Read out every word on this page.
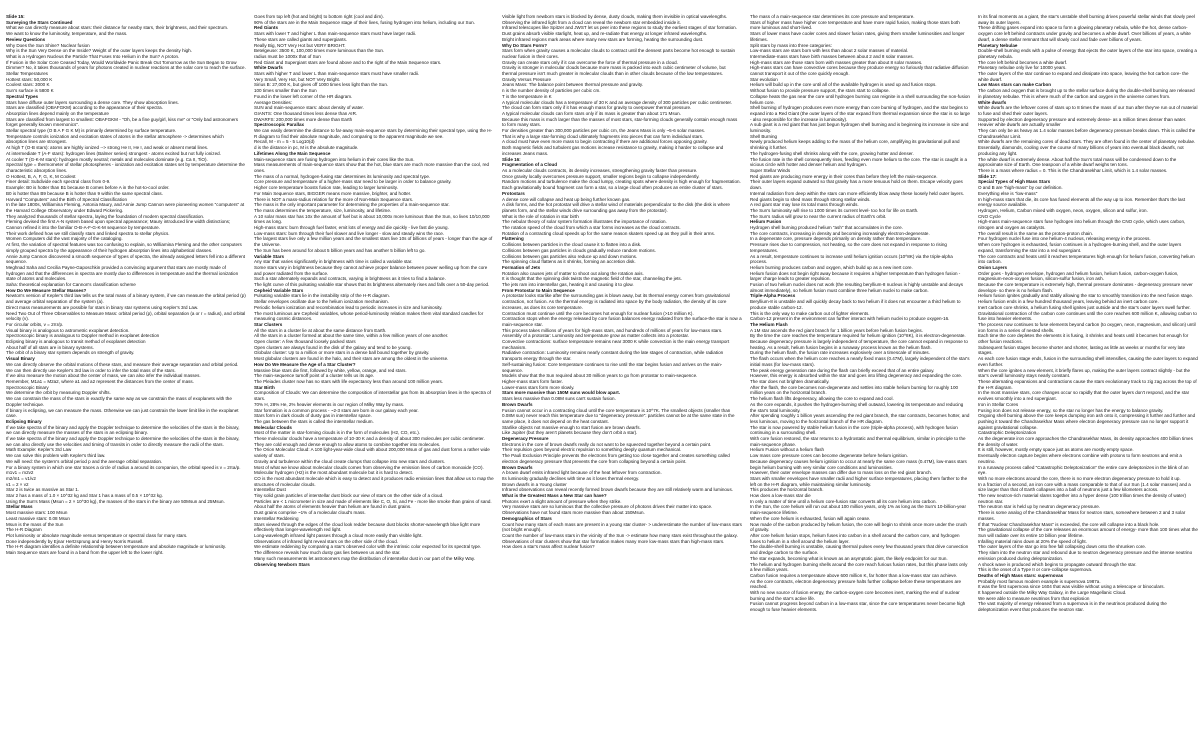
Slide 15:

Surveying the Stars Continued

What we can directly measure about stars: their distance for nearby stars, their brightness, and their spectrum.

We want to know the luminosity, temperature, and the mass.

Review Questions

Why Does the Sun Shine? Nuclear fusion

Why is the Sun Very Dense on the Inside? Weight of the outer layers keeps the density high.

What is a Hydrogen Nucleus the Particle That Fuses Into Helium in the Sun? A proton.

If Fusion in the Solar Core Ceased Today, Would Worldwide Panic Break Out Tomorrow as the Sun Began to Grow Dimmer? No, it takes thousands of years for photons created in nuclear reactions at the solar core to reach the surface.

Stellar Temperatures

Hottest stars: 50,000 K

Coolest stars: 3000 K

Sun's surface is 5800 K

Spectral Types

Stars have diffuse outer layers surrounding a dense core. They show absorption lines.

Stars are classified (OBAFGKM) according to the appearance of their spectra.

Absorption lines depend mainly on the temperature

Stars are classified from largest to smallest: OBAFGKM - "Oh, be a fine guy/girl, kiss me" or "Only bad astronomers forget generally known mnemonics".

Stellar spectral type (O B A F G K M) is primarily determined by surface temperature.

Temperature controls ionization and excitation states of atoms in the stellar atmosphere -> determines which absorption lines are strongest.

At high T (O-B stars): atoms are highly ionized --> strong He II, He I, and weak or absent metal lines.

At intermediate T (A-F stars): hydrogen lines (Balmer series) strongest - atoms excited but not fully ionized.

At cooler T (G-K-M stars): hydrogen mostly neutral; metals and molecules dominate (e.g. Ca II, TiO).

Spectral type = thermometer of stellar photospheres - ionization and excitation states set by temperature determine the characteristic absorption lines.

O Hottest, B, A, F, G, K, M Coolest

Finer detail: Subdivide each spectral class from 0-9.

Example: B0 is hotter than B1 because B comes before A in the hot-to-cool order.

B0 is hotter than B9 because B is hotter than 9 within the same spectral class.

Harvard "Computers" and the Birth of Spectral Classification

In the late 1800s, Williamina Fleming, Antonia Maury, and Annie Jump Cannon were pioneering women "computers" at the Harvard College Observatory under Edward Pickering.

They analyzed thousands of stellar spectra, laying the foundation of modern spectral classification.

Fleming devised the first A-N system based upon spectral appearance; Maury introduced line width distinctions; Cannon refined it into the familiar O-B-A-F-G-K-M sequence by temperature.

Their work defined how we still classify stars and linked spectra to stellar physics.

Women Computers did the vast majority of the cataloging.

At first, the variation of spectral features was too confusing to explain, so Williamina Fleming and the other computers simply grouped spectra by the appearance of their hydrogen absorption lines into alphabetical classes.

Annie Jump Cannon discovered a smooth sequence of types of spectra, the already assigned letters fell into a different sequence.

Meghnad Saha and Cecilia Payne-Gaposchkin provided a convincing argument that stars are mostly made of hydrogen and that the differences in spectra are mostly due to differences in temperature and the thermal ionization state of atoms and molecules.

Saha: theoretical explanation for Cannon's classification scheme

How Do We Measure Stellar Masses?

Newton's version of Kepler's third law tells us the total mass of a binary system, if we can measure the orbital period (p) and average orbital separation of the system (a).

Direct mass measurements are possible for stars in binary star systems using Kepler's 3rd Law.

Need Two Out of Three Observables to Measure Mass: orbital period (p), orbital separation (a or r = radius), and orbital velocity (v).

For circular orbits, v = 2πr/p.

Visual binary is analogous to astrometric exoplanet detection.

Spectroscopic binary is analogous to Doppler method in exoplanet detection

Eclipsing binary is analogous to transit method of exoplanet detection

About half of all stars are in binary systems.

The orbit of a binary star system depends on strength of gravity.

Visual Binary

We can directly observe the orbital motions of these stars, and measure their average separation and orbital period.

We can then directly use Kepler's 3rd law in order to infer the total mass of the stars.

If we also measure the motion about the center of mass, we can also infer the individual masses.

Remember, M1a1 = M2a2, where a1 and a2 represent the distances from the center of mass.

Spectroscopic Binary

We determine the orbit by measuring Doppler shifts.

We can constrain the mass of the stars in exactly the same way as we constrain the mass of exoplanets with the Doppler technique.

If binary is eclipsing, we can measure the mass. Otherwise we can just constrain the lower limit like in the exoplanet case.

Eclipsing Binary

If we take spectra of the binary and apply the Doppler technique to determine the velocities of the stars in the binary, we can directly measure the masses of the stars in an eclipsing binary.

If we take spectra of the binary and apply the Doppler technique to determine the velocities of the stars in the binary, we can also directly use the velocities and timing of transits in order to directly measure the radii of the stars.

Math Example: Kepler's 3rd Law

We can solve this problem with Kepler's third law.

We will need: the system's orbital period p and the average orbital separation.

For a binary system in which one star traces a circle of radius a around its companion, the orbital speed is v = 2πa/p.

m1v1 = m2v2

m2/m1 = v1/v2

v1 = 2 × v2

Star 2 is twice as massive as Star 1.

Star 2 has a mass of 1.0 × 10^32 kg and Star 1 has a mass of 0.5 × 10^32 kg.

Using the Sun's Mass (Msun = 2 × 10^30 kg), the masses of the stars in the binary are 50Msun and 25Msun.

Stellar Mass

Most massive stars: 100 Msun

Least massive stars: 0.08 Msun

Msun is the mass of the Sun

The H-R Diagram

Plot luminosity or absolute magnitude versus temperature or spectral class for many stars.

Done independently by Ejnar Hertzsprung and Henry Norris Russell.

The H-R diagram identifies a definite relationship between temperature and absolute magnitude or luminosity.

Main Sequence stars are found in a band from the upper left to the lower right.

Goes from top left (hot and bright) to bottom right (cool and dim).

90% of the stars are in the Main Sequence stage of their lives, fusing hydrogen into helium, including our Sun.

Red Giants

Stars with lower T and higher L than main-sequence stars must have larger radii.

These stars are called giants and supergiants.

Really Big, NOT Very Hot but VERY BRIGHT.

Betelgeuse: 3500 K, 100,000 times more luminous than the Sun.

radius must be 1000x that of Sun

Red Giant and Supergiant stars are found above and to the right of the Main Sequence stars.

White Dwarfs

Stars with higher T and lower L than main-sequence stars must have smaller radii.

Very Small, Very Hot, but NOT Very Bright.

Sirius B: 27,000 K, but gives off 1000 times less light than the Sun.

100 times smaller than the Sun

Found in the lower left corner of the HR diagram.

Average Densities:

SUN and main-sequence stars: about density of water.

GIANTS: One thousand times less dense than AIR.

DWARFS: 200,000 times more dense than Earth

Spectroscopic Parallax

We can easily determine the distance to far-away main-sequence stars by determining their spectral type, using the H-R diagram to find their absolute magnitude, and comparing to the apparent magnitude we see.

Recall, M - m = 5 - 5 Log10(d)

d is the distance in pc, M is the absolute magnitude.

Lifetimes Along the Main Sequence

Main-sequence stars are fusing hydrogen into helium in their cores like the Sun.

Mass measurements of main-sequence stars show that the hot, blue stars are much more massive than the cool, red ones.

The mass of a normal, hydrogen-fusing star determines its luminosity and spectral type.

Core pressure and temperature of a higher-mass star need to be larger in order to balance gravity.

Higher core temperature boosts fusion rate, leading to larger luminosity.

For Main Sequence stars, BIGGER means more massive, brighter, and hotter.

There is NOT a mass-radius relation for the more of Non-Main Sequence stars.

The mass is the only important parameter for determining the properties of a main-sequence star.

The mass determines the temperature, size, luminosity, and lifetime.

A 10 solar mass star has 10x the amount of fuel but is about 10,000x more luminous than the Sun, so lives 10/10,000 times as long.

High-mass stars: burn through fuel faster, emit lots of energy and die quickly - live fast die young.

Low-mass stars: burn through their fuel slower and live longer - slow and steady wins the race.

The largest stars live only a few million years and the smallest stars live 10s of billions of years - longer than the age of the Universe.

The Sun has been around for about 5 billion years and has another 5 billion left to go.

Variable Stars

Any star that varies significantly in brightness with time is called a variable star.

Some stars vary in brightness because they cannot achieve proper balance between power welling up from the core and power radiated from the surface.

Such a star alternately expands and contracts, varying in brightness as it tries to find a balance.

The light curve of this pulsating variable star shows that its brightness alternately rises and falls over a 50-day period.

Cepheid Variable Stars

Pulsating variable stars lie in the instability strip of the H-R diagram.

Stellar envelopes oscillate due to the helium ionization mechanism.

Periodic helium ionization and recombination lead to periodic increases in size and luminosity.

The most luminous are Cepheid variables, whose period-luminosity relation makes them vital standard candles for measuring cosmic distances.

Star Clusters

All the stars in a cluster lie at about the same distance from Earth.

All the stars in a cluster formed at about the same time, within a few million years of one another.

Open cluster: A few thousand loosely packed stars

Open clusters are always found in the disk of the galaxy and tend to be young.

Globular cluster: Up to a million or more stars in a dense ball bound together by gravity.

Most globular clusters are found in the halo, and their stars are among the oldest in the universe.

How Do We Measure the Age of a Star Cluster?

Massive blue stars die first, followed by white, yellow, orange, and red stars.

The main-sequence turnoff point of a cluster tells us its age.

The Pleiades cluster now has no stars with life expectancy less than around 100 million years.

Star Birth

Composition of Clouds: We can determine the composition of interstellar gas from its absorption lines in the spectra of stars.

70% H, 28% He, 2% heavier elements in our region of Milky Way by mass.

Star formation is a common process - ~2-3 stars are born in our galaxy each year.

Stars form in dark clouds of dusty gas in interstellar space.

The gas between the stars is called the interstellar medium.

Molecular Clouds

Most of the matter in star-forming clouds is in the form of molecules (H2, CO, etc.).

These molecular clouds have a temperature of 10-30 K and a density of about 300 molecules per cubic centimeter.

They are cold enough and dense enough to allow atoms to combine together into molecules.

The Orion Molecular Cloud: A 100 light-year-wide cloud with about 200,000 Msun of gas and dust forms a rather wide variety of stars.

Gravity and turbulence within the cloud create clumps that collapse into new stars and clusters.

Most of what we know about molecular clouds comes from observing the emission lines of carbon monoxide (CO).

Molecular hydrogen (H2) is the most abundant molecule but it is hard to detect.

CO is the most abundant molecule which is easy to detect and it produces radio emission lines that allow us to map the structures of molecular clouds.

Interstellar Dust

Tiny solid grain particles of interstellar dust block our view of stars on the other side of a cloud.

Particles are < 1 micrometer in size and made of elements like C, O, Si, and Fe - more like smoke than grains of sand.

About half the atoms of elements heavier than helium are found in dust grains.

Dust grains comprise ~1% of a molecular cloud's mass.

Interstellar Reddening

Stars viewed through the edges of the cloud look redder because dust blocks shorter-wavelength blue light more effectively than longer-wavelength red light.

Long-wavelength infrared light passes through a cloud more easily than visible light.

Observations of infrared light reveal stars on the other side of the cloud.

We estimate reddening by comparing a star's observed color with the intrinsic color expected for its spectral type.

The difference reveals how much dusty gas lies between us and the star.

Many such measurements let astronomers map the distribution of interstellar dust in our part of the Milky Way.

Observing Newborn Stars

Visible light from newborn stars is blocked by dense, dusty clouds, making them invisible in optical wavelengths.

Observing the infrared light from a cloud can reveal the newborn star embedded inside it.

Infrared telescopes like Spitzer and JWST let us peer into these regions to study the earliest stages of star formation.

Dust grains absorb visible starlight, heat up, and re-radiate that energy at longer infrared wavelengths.

Bright infrared regions mark areas where many new stars are forming, heating the surrounding dust.

Why Do Stars Form?

Stars form when gravity causes a molecular clouds to contract until the densest parts become hot enough to sustain nuclear fusion in their cores.

Gravity can create stars only if it can overcome the force of thermal pressure in a cloud.

Gravity is stronger in molecular clouds because more mass is packed into each cubic centimeter of volume, but thermal pressure isn't much greater in molecular clouds than in other clouds because of the low temperatures.

Gravity Versus Pressure

Jeans Mass: The balance point between thermal pressure and gravity.

n is the number density of particles per cubic cm.

T is the temperature in K

A typical molecular clouds has a temperature of 30 K and an average density of 300 particles per cubic centimeter.

The cloud can form stars only if it has enough mass for gravity to overpower thermal pressure.

A typical molecular clouds can form stars only if its mass is greater than about 171 Msun.

Because this mass is much larger than the masses of most stars, star-forming clouds generally contain enough mass to form many stars.

For densities greater than 300,000 particles per cubic cm, the Jeans Mass is only ~5-6 solar masses.

That is why a large star-forming cloud ultimately fragments into pieces that can form individual stars.

A cloud must have even more mass to begin contracting if there are additional forces opposing gravity.

Both magnetic fields and turbulent gas motions increase resistance to gravity, making it harder to collapse and increases Jeans mass.

Slide 16:

Fragmentation of a Cloud

As a molecular clouds contracts, its density increases, strengthening gravity faster than pressure.

Once gravity locally overcomes pressure support, smaller regions begin to collapse independently.

Random motions and turbulence make the cloud lumpy, creating spots where density is high enough for fragmentation.

Each gravitationally bound fragment can form a star, so a large cloud often produces an entire cluster of stars.

Protostars

A dense core will collapse and heat up being further known gas.

A disk forms, and the hot protostar will drive a stellar wind of materials perpendicular to the disk (the disk is where planets form, and the stellar winds drive surrounding gas away from the protostar).

What is the role of rotation in star birth

The nebular theory of solar system formation illustrates the importance of rotation.

The rotation speed of the cloud from which a star forms increases as the cloud contracts.

Rotation of a contracting cloud speeds up for the same reason skaters speed up as they pull in their arms.

Flattening

Collisions between particles in the cloud cause it to flatten into a disk.

Collisions between gas particles in clouds gradually reduce random motions.

Collisions between gas particles also reduce up and down motions.

The spinning cloud flattens as it shrinks, forming an accretion disk.

Formation of Jets

Rotation also causes jets of matter to shoot out along the rotation axis.

It is thought that the spinning disk twists the magnetic field of the star, channeling the jets.

The jets ram into interstellar gas, heating it and causing it to glow.

From Protostar to Main Sequence

A protostar looks starlike after the surrounding gas is blown away, but its thermal energy comes from gravitational contraction, not fusion. As the thermal energy is radiated into space by the body radiation, the density of its core increases, as does its core temperature.

Contraction must continue until the core becomes hot enough for nuclear fusion (>10 million K).

Contraction stops when the energy released by core fusion balances energy radiated from the surface-the star is now a main-sequence star.

This process takes millions of years for high-mass stars, and hundreds of millions of years for low-mass stars.

Assembly of a protostar: Luminosity and temperature grow as matter collects into a protostar.

Convective contractions: surface temperature remains near 3000 K while convection is the main energy transport mechanism.

Radiative contraction: Luminosity remains nearly constant during the late stages of contraction, while radiation transports energy through the star.

Self-sustaining fusion: Core temperature continues to rise until the star begins fusion and arrives on the main-sequence.

Models show that the Sun required about 30 million years to go from protostar to main-sequence.

Higher-mass stars form faster.

Lower-mass stars form more slowly.

Stars more massive than 150M suns would blow apart.

Stars less massive than 0.08M suns can't sustain fusion.

Brown Dwarfs

Fusion cannot occur in a contracting cloud until the core temperature is 10^7K. The smallest objects (smaller than 0.08M sun) never reach this temperature due to "degeneracy pressure": particles cannot be at the same state in the same place, it does not depend on the heat constant.

Starlike objects not massive enough to start fusion are brown dwarfs.

Like Jupiter (but they aren't planets because they don't orbit a star).

Degeneracy Pressure

Electrons in the core of brown dwarfs really do not want to be squeezed together beyond a certain point.

Their repulsion goes beyond electric repulsion to something deeply quantum mechanical.

The Pauli Exclusion Principle prevents the electrons from getting too close together and creates something called electron degeneracy pressure that prevents the core from collapsing beyond a certain point.

Brown Dwarfs

A brown dwarf emits infrared light because of the heat leftover from contraction.

Its luminosity gradually declines with time as it loses thermal energy.

Brown dwarfs in a Young cluster

Infrared observations can reveal recently formed brown dwarfs because they are still relatively warm and luminous.

What is the Greatest Mass a New Star can have?

Photons exert a slight amount of pressure when they strike.

Very massive stars are so luminous that the collective pressure of photons drives their matter into space.

Observations have not found stars more massive than about 150Msun.

Demographics of Stars

Count how many stars of each mass are present in a young star cluster- > underestimate the number of low-mass stars (not bright enough).

Count the number of low-mass stars in the vicinity of the Sun -> estimate how many stars exist throughout the galaxy.

Observations of star clusters show that star formation makes many more low-mass stars than high-mass stars.

How does a star's mass affect nuclear fusion?

The mass of a main-sequence star determines its core pressure and temperature.

Stars of higher mass have higher core temperature and have more rapid fusion, making those stars both more luminous and short-lived.

Stars of lower mass have cooler cores and slower fusion rates, giving them smaller luminosities and longer lifetimes.

Split stars by mass into three categories:

Low-mass stars are stars born with less than about 2 solar masses of material.

Intermediate-mass stars have birth masses between about 2 and 8 solar masses.

High-mass stars are those stars born with masses greater than about 8 solar masses.

High-mass stars can have convective cores because they produce energy so furiously that radiative diffusion cannot transport it out of the core quickly enough.

Star evolution

Helium will build up in the core until all of the available hydrogen is used up and fusion stops.

Without fusion to provide pressure support, the stars start to collapse.

Collapse heats the gas near the core until hydrogen burning can reignite in a shell surrounding the non-fusion helium core.

Shell burning of hydrogen produces even more energy than core burning of hydrogen, and the star begins to expand into a Red Giant (the outer layers of the star expand from thermal expansion since the star is so large - also responsible for the increase in luminosity).

A sub giant is a red giant that has just begun hydrogen shell burning and is beginning its increase in size and luminosity.

Shell Burning

Newly produced helium keeps adding to the mass of the helium core, amplifying its gravitational pull and shrinking it further.

The hydrogen-fusing shell shrinks along with the core, growing hotter and denser.

The fusion rate in the shell consequently rises, feeding even more helium to the core. The star is caught in a vicious circle with hotter and denser helium and hydrogen.

Super Stellar Winds

Red giants are producing more energy in their cores than before they left the main-sequence.

Their outer layers expand outward so that gravity has a more tenuous hold on them. Escape velocity goes down.

Internal radiation from deep within the stars can more efficiently blow away these loosely held outer layers.

Red giants begin to shed mass through strong stellar winds.

A red giant star may lose its total mass through winds.

The Sun's luminosity will rise to 1000 times its current level- too hot for life on Earth.

The Sun's radius will grow to near the current radius of Earth's orbit.

Helium Fusion

Hydrogen shell burning produced helium "ash" that accumulates in the core.

The core contracts, increasing in density and becoming increasingly electron-degenerate.

In a degenerate core, pressure depends primarily on density rather than temperature.

Pressure rises due to compression, not heating, so the core does not expand in response to rising temperatures.

As a result, temperature continues to increase until helium ignition occurs (10^8K) via the triple-alpha process.

Helium burning produces carbon and oxygen, which build up as a new inert core.

Helium fusion does not begin right away because it requires a higher temperature than hydrogen fusion - larger charge leads to greater repulsion.

Fusion of two helium nuclei does not work (the resulting beryllium-8 nucleus is highly unstable and decays almost immediately), so helium fusion must combine three helium nuclei to make carbon.

Triple-Alpha Process

Beryllium-8 is unstable and will quickly decay back to two helium if it does not encounter a third helium to produce stable carbon-12.

This is the only way to make carbon out of lighter elements.

Carbon-12 present in the environment can further interact with helium nuclei to produce oxygen-16.

The Helium Flash

A 1M star ascends the red giant branch for 1 billion years before helium fusion begins.

By the time the core reaches the temperature required for helium ignition (10^8K), it is electron-degenerate.

Because degeneracy pressure is largely independent of temperature, the core cannot expand in response to heating. As a result, helium fusion begins in a runaway process known as the helium flash.

During the helium flash, the fusion rate increases explosively over a timescale of minutes.

The flash occurs when the helium core reaches a nearly fixed mass (0.47M), largely independent of the star's initial mass (for low-mass stars).

The peak energy generation rate during the flash can briefly exceed that of an entire galaxy.

However, this energy is absorbed within the star and goes into lifting degeneracy and expanding the core.

The star does not brighten dramatically.

After the flash, the core becomes non-degenerate and settles into stable helium burning for roughly 100 million years on the horizontal branch.

The helium flash lifts degeneracy, allowing the core to expand and cool.

As the core expands, it pushes the hydrogen-burning shell outward, lowering its temperature and reducing the star's total luminosity.

After spending roughly 1 billion years ascending the red giant branch, the star contracts, becomes hotter, and less luminous, moving to the horizontal branch of the HR diagram.

The star is now powered by stable helium fusion in the core (triple-alpha process), with hydrogen fusion continuing in a surrounding shell.

With core fusion restored, the star returns to a hydrostatic and thermal equilibrium, similar in principle to the main-sequence phase.

Helium Fusion without a helium flash

Low mass core pressure cores can become degenerate before helium ignition.

Because degeneracy causes helium ignition to occur at nearly the same core mass (0.47M), low-mass stars begin helium burning with very similar core conditions and luminosities.

However, their outer envelope masses can differ due to mass loss on the red giant branch.

Stars with smaller envelopes have smaller radii and higher surface temperatures, placing them farther to the left on the H-R diagram, while maintaining similar luminosity.

This produces the horizontal branch.

How does a low-mass star die

In only a matter of time until a helium core-fusion star converts all its core helium into carbon.

In the Sun, the core helium will run out about 100 million years, only 1% as long as the Sun's 10-billion-year main-sequence lifetime.

When the core helium is exhausted, fusion will again cease.

Now made of the carbon produced by helium fusion, the core will begin to shrink once more under the crush of gravity.

After core helium fusion stops, helium fuses into carbon in a shell around the carbon core, and hydrogen fuses to helium in a shell around the helium layer.

The double-shell burning is unstable, causing thermal pulses every few thousand years that drive convection and dredge carbon to the surface.

The star expands, becoming what is known as an asymptotic giant, the likely endpoint for our Sun.

The helium and hydrogen burning shells around the core reach furious fusion rates, but this phase lasts only a few million years.

Carbon fusion requires a temperature above 600 million K, far hotter than a low-mass star can achieve.

As the core contracts, electron degeneracy pressure halts further collapse before these temperatures are reached.

With no new source of fusion energy, the carbon-oxygen core becomes inert, marking the end of nuclear burning and the star's active life.

Fusion cannot progress beyond carbon in a low-mass star, since the core temperatures never become high enough to fuse heavier elements.

In its final moments as a giant, the star's unstable shell burning drives powerful stellar winds that slowly peel away its outer layers.

These drifting gases expand into space to form a glowing planetary nebula, while the hot, dense carbon-oxygen core left behind contracts under gravity and becomes a white dwarf. Over billions of years, a white dwarf, a dense stellar remnant that will slowly cool and fade over billions of years.

Planetary Nebulae

Double-shell burning ends with a pulse of energy that ejects the outer layers of the star into space, creating a planetary nebula.

The core left behind becomes a white dwarf.

Planetary nebulae only live for 10000 years.

The outer layers of the star continue to expand and dissipate into space, leaving the hot carbon core- the white dwarf.

Low Mass stars can make Carbon

The carbon and oxygen that is brought up to the stellar surface during the double-shell burning are released in planetary nebulae. This is where much of the carbon and oxygen in the universe comes from.

White dwarfs

White dwarfs are the leftover cores of stars up to 8 times the mass of our Sun after they've run out of material to fuse and shed their outer layers.

Supported by electron degeneracy pressure and extremely dense- as a million times denser than water.

Heavier white dwarfs are actually smaller

They can only be as heavy as 1.4 solar masses before degeneracy pressure breaks down. This is called the Chandrasekhar Limit.

White dwarfs are the remaining cores of dead stars. They are often found in the center of planetary nebulae.

Essentially, diamonds, cooling over the course of many billions of years into eventual black dwarfs, not producing any light.

The white dwarf is extremely dense. About half the Sun's total mass will be condensed down to the approximate size of Earth. One teaspoon of a white dwarf weighs ten tons.

There is a mass where radius = 0. This is the Chandrasekhar Limit, which is 1.4 solar masses.

Slide 17:

Special Types of High Mass Stars

O and B are "high-mass" by our definition.

Everything else is "low-mass"

In high-mass stars that die, its core has fused elements all the way up to iron. Remember that's the last energy source available.

Hydrogen, Helium, Carbon mixed with oxygen, neon, oxygen, silicon and sulfur, iron.

CNO Cycle

High-mass main-sequence stars fuse hydrogen into helium through the CNO cycle, which uses carbon, nitrogen and oxygen as catalysts.

The overall result is the same as the proton-proton chain.

Four hydrogen nuclei fuse into one helium-4 nucleus, releasing energy in the process.

When core hydrogen is exhausted, fusion continues in a hydrogen-burning shell, and the outer layers expand, transforming the star into a red supergiant.

The core contracts and heats until it reaches temperatures high enough for helium fusion, converting helium into carbon.

Onion Layers

Order goes - hydrogen envelope, hydrogen and helium fusion, helium fusion, carbon-oxygen fusion, magnesium-neon-oxygen fusion, silicon-sulfur fusion, iron ash.

Because the core temperature is extremely high, thermal pressure dominates - degeneracy pressure never develops- so there is no helium flash.

Helium fusion ignites gradually and stably allowing the star to smoothly transition into the next fusion stage.

Helium fusion ends in a few hundred thousand years, leaving behind an inert carbon core.

Inert carbon core shrinks, a helium fusing shell ignites just outside and the star's outer layers swell further.

Gravitational contraction of the carbon core continues until the core reaches 600 million K, allowing carbon to fuse into heavier elements.

The process now continues to fuse elements beyond carbon (to oxygen, neon, magnesium, and silicon) until iron forms in a series of nested shells.

Each time the core depletes the elements it is fusing, it shrinks and heats until it becomes hot enough for other fusion reactions.

Subsequent fusion stages become shorter and shorter, lasting as little as weeks or months for very late stages.

As each core fusion stage ends, fusion in the surrounding shell intensifies, causing the outer layers to expand even further.

When the core ignites a new element, it briefly flares up, making the outer layers contract slightly - but the star's overall luminosity stays nearly constant.

These alternating expansions and contractions cause the stars evolutionary track to zig zag across the top of the H-R diagram.

In the most massive stars, core changes occur so rapidly that the outer layers don't respond, and the star evolves smoothly into a red supergiant.

Iron in Stellar Cores

Fusing iron does not release energy, so the star no longer has the energy to balance gravity.

Ongoing shell burning above the core keeps dumping iron ash onto it, compressing it further and further and pushing it toward the Chandrasekhar Mass where electron degeneracy pressure can no longer support it against gravitational collapse.

Catastrophic Deleptonization

As the degenerate iron core approaches the Chandrasekhar Mass, its density approaches 400 billion times the density of water.

It is still, however, mostly empty space just as atoms are mostly empty space.

Eventually electron capture begins where electrons combine with protons to form neutrons and emit a neutrino.

In a runaway process called "Catastrophic Deleptonization" the entire core deleptonizes in the blink of an eye.

With no more electrons around the core, there is no more electron degeneracy pressure to hold it up.

In a fraction of a second, an iron core with a mass comparable to that of our Sun (1.4 solar masses) and a size larger than that of Earth collapses into a ball of neutrons just a few kilometers across.

The new neutron-rich material slams together into a hyper dense (100 trillion times the density of water) neutron star.

The neutron star is held up by neutron degeneracy pressure.

There is some analog of the Chandrasekhar Mass for neutron stars, somewhere between 2 and 3 solar masses.

If that "Nuclear Chandrasekhar Mass" is exceeded, the core will collapse into a black hole.

The gravitational collapse of the core releases an enormous amount of energy- more than 100 times what the Sun will radiate over its entire 10 billion year lifetime.

Infalling material rains down at 20% the speed of light.

The outer layers of the star go into free fall collapsing down onto the shrunken core.

They slam into the neutron star and rebound due to neutron degeneracy pressure and the intense neutrino emission produced during deleptonization.

A shock wave is produced which begins to propagate outward through the star.

This is the onset of a Type II or core-collapse supernova.

Deaths of High Mass stars: supernovas

Probably most famous modern example is supernova 1987a.

It was the first supernova since 1604 that was visible without using a telescope or binoculars.

It happened outside the Milky Way Galaxy, in the Large Magellanic Cloud.

We were able to measure neutrinos from that explosion

The vast majority of energy released from a supernova is in the neutrinos produced during the deleptonization event that produces the neutron star.
